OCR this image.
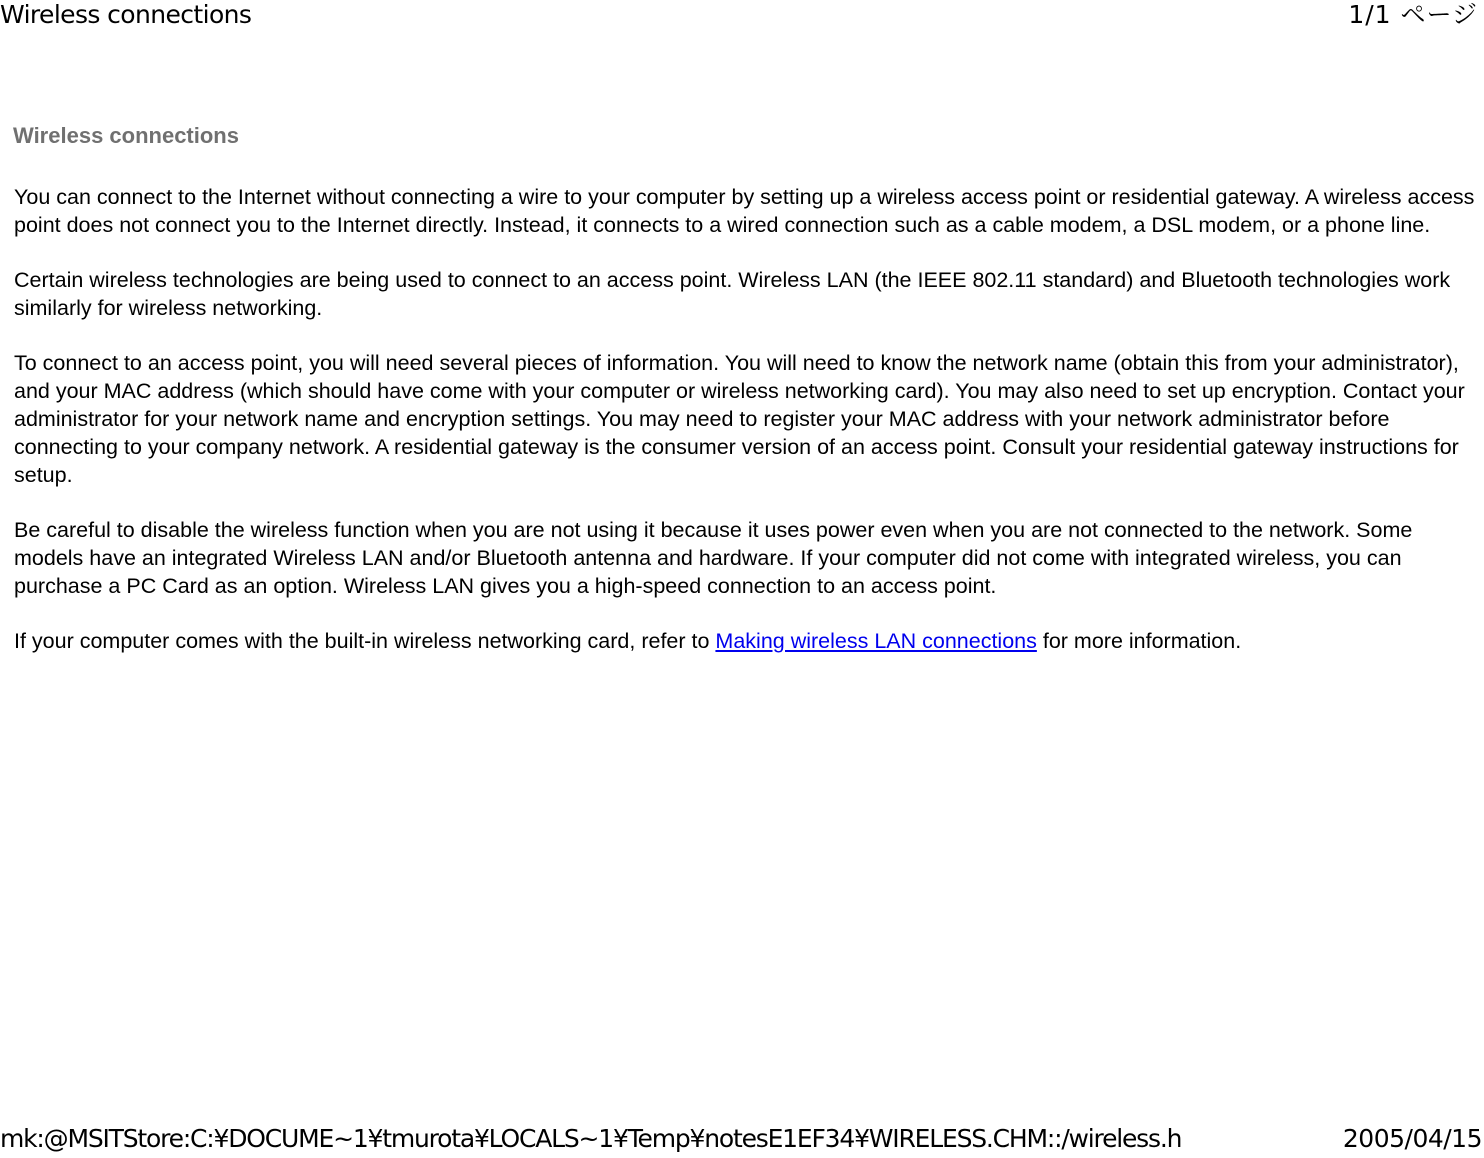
Wireless connections	1/1 ページ
Wireless connections

You can connect to the Internet without connecting a wire to your computer by setting up a wireless access point or residential gateway. A wireless access point does not connect you to the Internet directly. Instead, it connects to a wired connection such as a cable modem, a DSL modem, or a phone line.

Certain wireless technologies are being used to connect to an access point. Wireless LAN (the IEEE 802.11 standard) and Bluetooth technologies work similarly for wireless networking.

To connect to an access point, you will need several pieces of information. You will need to know the network name (obtain this from your administrator), and your MAC address (which should have come with your computer or wireless networking card). You may also need to set up encryption. Contact your administrator for your network name and encryption settings. You may need to register your MAC address with your network administrator before connecting to your company network. A residential gateway is the consumer version of an access point. Consult your residential gateway instructions for setup.

Be careful to disable the wireless function when you are not using it because it uses power even when you are not connected to the network. Some models have an integrated Wireless LAN and/or Bluetooth antenna and hardware. If your computer did not come with integrated wireless, you can purchase a PC Card as an option. Wireless LAN gives you a high-speed connection to an access point.

If your computer comes with the built-in wireless networking card, refer to Making wireless LAN connections for more information.

mk:@MSITStore:C:¥DOCUME~1¥tmurota¥LOCALS~1¥Temp¥notesE1EF34¥WIRELESS.CHM::/wireless.h	2005/04/15
